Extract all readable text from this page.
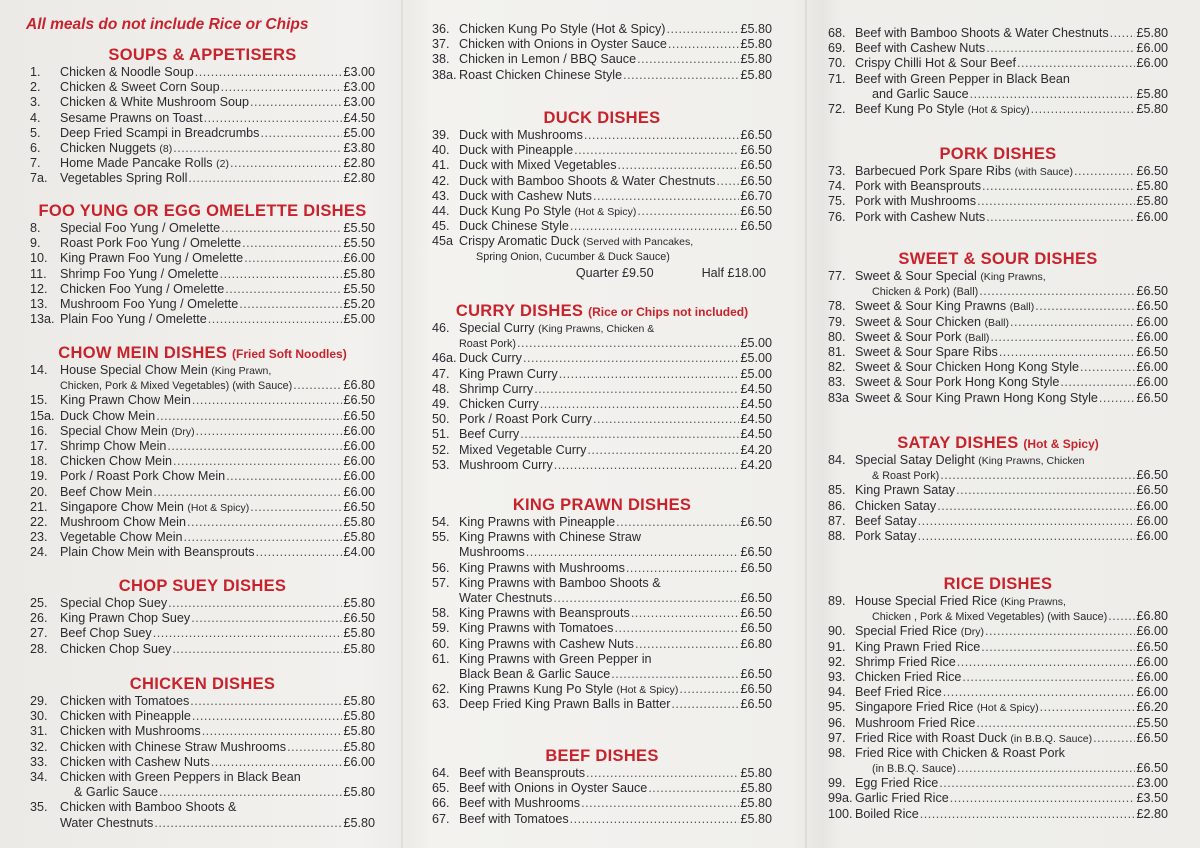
All meals do not include Rice or Chips
SOUPS & APPETISERS
1.	Chicken & Noodle Soup .....	£3.00
2.	Chicken & Sweet Corn Soup .....	£3.00
3.	Chicken & White Mushroom Soup .....	£3.00
4.	Sesame Prawns on Toast .....	£4.50
5.	Deep Fried Scampi in Breadcrumbs .....	£5.00
6.	Chicken Nuggets (8) .....	£3.80
7.	Home Made Pancake Rolls (2) .....	£2.80
7a. Vegetables Spring Roll .....	£2.80
FOO YUNG OR EGG OMELETTE DISHES
8.	Special Foo Yung / Omelette .....	£5.50
9.	Roast Pork Foo Yung / Omelette .....	£5.50
10. King Prawn Foo Yung / Omelette .....	£6.00
11.	Shrimp Foo Yung / Omelette .....	£5.80
12. Chicken Foo Yung / Omelette .....	£5.50
13. Mushroom Foo Yung / Omelette .....	£5.20
13a. Plain Foo Yung / Omelette .....	£5.00
CHOW MEIN DISHES (Fried Soft Noodles)
14. House Special Chow Mein (King Prawn,
Chicken, Pork & Mixed Vegetables) (with Sauce) .....	£6.80
15. King Prawn Chow Mein .....	£6.50
15a. Duck Chow Mein .....	£6.50
16. Special Chow Mein (Dry) .....	£6.00
17. Shrimp Chow Mein .....	£6.00
18. Chicken Chow Mein .....	£6.00
19. Pork / Roast Pork Chow Mein .....	£6.00
20. Beef Chow Mein .....	£6.00
21. Singapore Chow Mein (Hot & Spicy) .....	£6.50
22. Mushroom Chow Mein .....	£5.80
23. Vegetable Chow Mein .....	£5.80
24. Plain Chow Mein with Beansprouts .....	£4.00
CHOP SUEY DISHES
25. Special Chop Suey .....	£5.80
26. King Prawn Chop Suey .....	£6.50
27. Beef Chop Suey .....	£5.80
28. Chicken Chop Suey .....	£5.80
CHICKEN DISHES
29. Chicken with Tomatoes .....	£5.80
30. Chicken with Pineapple .....	£5.80
31. Chicken with Mushrooms .....	£5.80
32. Chicken with Chinese Straw Mushrooms .....	£5.80
33. Chicken with Cashew Nuts .....	£6.00
34. Chicken with Green Peppers in Black Bean
& Garlic Sauce .....	£5.80
35. Chicken with Bamboo Shoots &
Water Chestnuts .....	£5.80
36. Chicken Kung Po Style (Hot & Spicy) .....	£5.80
37. Chicken with Onions in Oyster Sauce .....	£5.80
38. Chicken in Lemon / BBQ Sauce .....	£5.80
38a. Roast Chicken Chinese Style .....	£5.80
DUCK DISHES
39. Duck with Mushrooms .....	£6.50
40. Duck with Pineapple .....	£6.50
41. Duck with Mixed Vegetables .....	£6.50
42. Duck with Bamboo Shoots & Water Chestnuts ..... £6.50
43. Duck with Cashew Nuts .....	£6.70
44. Duck Kung Po Style (Hot & Spicy) .....	£6.50
45. Duck Chinese Style .....	£6.50
45a Crispy Aromatic Duck (Served with Pancakes,
Spring Onion, Cucumber & Duck Sauce)
Quarter £9.50	Half £18.00
CURRY DISHES (Rice or Chips not included)
46. Special Curry (King Prawns, Chicken &
Roast Pork) .....	£5.00
46a. Duck Curry .....	£5.00
47. King Prawn Curry .....	£5.00
48. Shrimp Curry .....	£4.50
49. Chicken Curry .....	£4.50
50. Pork / Roast Pork Curry .....	£4.50
51. Beef Curry .....	£4.50
52. Mixed Vegetable Curry .....	£4.20
53. Mushroom Curry .....	£4.20
KING PRAWN DISHES
54. King Prawns with Pineapple .....	£6.50
55. King Prawns with Chinese Straw
Mushrooms .....	£6.50
56. King Prawns with Mushrooms .....	£6.50
57. King Prawns with Bamboo Shoots &
Water Chestnuts .....	£6.50
58. King Prawns with Beansprouts .....	£6.50
59. King Prawns with Tomatoes .....	£6.50
60. King Prawns with Cashew Nuts .....	£6.80
61. King Prawns with Green Pepper in
Black Bean & Garlic Sauce .....	£6.50
62. King Prawns Kung Po Style (Hot & Spicy) .....	£6.50
63. Deep Fried King Prawn Balls in Batter .....	£6.50
BEEF DISHES
64. Beef with Beansprouts .....	£5.80
65. Beef with Onions in Oyster Sauce .....	£5.80
66. Beef with Mushrooms .....	£5.80
67. Beef with Tomatoes .....	£5.80
68. Beef with Bamboo Shoots & Water Chestnuts ..... £5.80
69. Beef with Cashew Nuts .....	£6.00
70. Crispy Chilli Hot & Sour Beef .....	£6.00
71. Beef with Green Pepper in Black Bean
and Garlic Sauce .....	£5.80
72. Beef Kung Po Style (Hot & Spicy) .....	£5.80
PORK DISHES
73. Barbecued Pork Spare Ribs (with Sauce) .....	£6.50
74. Pork with Beansprouts .....	£5.80
75. Pork with Mushrooms .....	£5.80
76. Pork with Cashew Nuts .....	£6.00
SWEET & SOUR DISHES
77. Sweet & Sour Special (King Prawns,
Chicken & Pork) (Ball) .....	£6.50
78. Sweet & Sour King Prawns (Ball) .....	£6.50
79. Sweet & Sour Chicken (Ball) .....	£6.00
80. Sweet & Sour Pork (Ball) .....	£6.00
81. Sweet & Sour Spare Ribs .....	£6.50
82. Sweet & Sour Chicken Hong Kong Style .....	£6.00
83. Sweet & Sour Pork Hong Kong Style .....	£6.00
83a Sweet & Sour King Prawn Hong Kong Style .....	£6.50
SATAY DISHES (Hot & Spicy)
84. Special Satay Delight (King Prawns, Chicken
& Roast Pork) .....	£6.50
85. King Prawn Satay .....	£6.50
86. Chicken Satay .....	£6.00
87. Beef Satay .....	£6.00
88. Pork Satay .....	£6.00
RICE DISHES
89. House Special Fried Rice (King Prawns,
Chicken , Pork & Mixed Vegetables) (with Sauce) ..... £6.80
90. Special Fried Rice (Dry) .....	£6.00
91. King Prawn Fried Rice .....	£6.50
92. Shrimp Fried Rice .....	£6.00
93. Chicken Fried Rice .....	£6.00
94. Beef Fried Rice .....	£6.00
95. Singapore Fried Rice (Hot & Spicy) .....	£6.20
96. Mushroom Fried Rice .....	£5.50
97. Fried Rice with Roast Duck (in B.B.Q. Sauce) .....	£6.50
98. Fried Rice with Chicken & Roast Pork
(in B.B.Q. Sauce) .....	£6.50
99. Egg Fried Rice .....	£3.00
99a. Garlic Fried Rice .....	£3.50
100. Boiled Rice .....	£2.80
